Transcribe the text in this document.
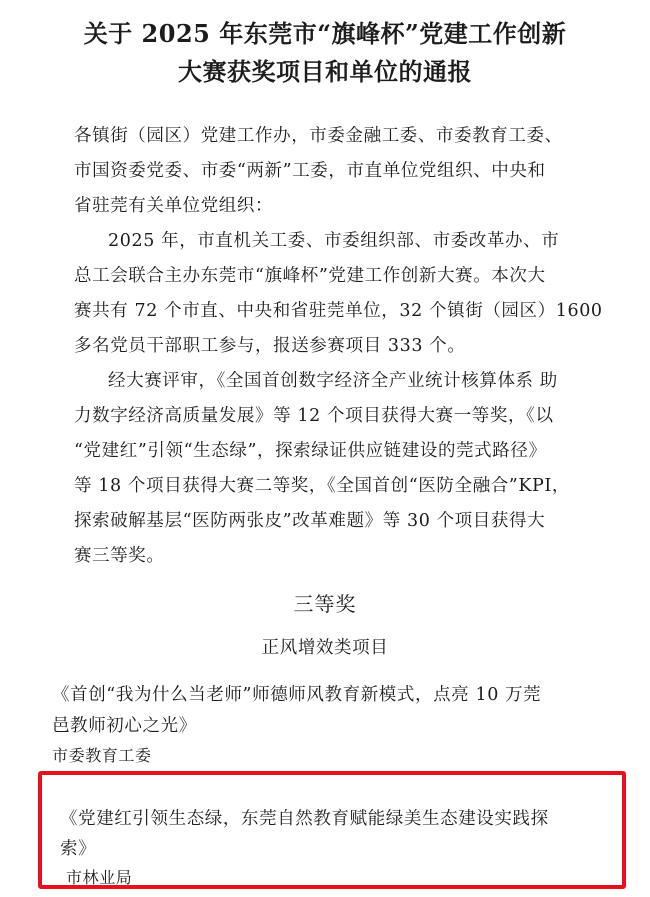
关于 2025 年东莞市“旗峰杯”党建工作创新
大赛获奖项目和单位的通报
各镇街（园区）党建工作办，市委金融工委、市委教育工委、
市国资委党委、市委“两新”工委，市直单位党组织、中央和
省驻莞有关单位党组织：
2025 年，市直机关工委、市委组织部、市委改革办、市
总工会联合主办东莞市“旗峰杯”党建工作创新大赛。本次大
赛共有 72 个市直、中央和省驻莞单位，32 个镇街（园区）1600
多名党员干部职工参与，报送参赛项目 333 个。
经大赛评审，《全国首创数字经济全产业统计核算体系 助
力数字经济高质量发展》等 12 个项目获得大赛一等奖，《以
“党建红”引领“生态绿”，探索绿证供应链建设的莞式路径》
等 18 个项目获得大赛二等奖，《全国首创“医防全融合”KPI，
探索破解基层“医防两张皮”改革难题》等 30 个项目获得大
赛三等奖。
三等奖
正风增效类项目
《首创“我为什么当老师”师德师风教育新模式，点亮 10 万莞
邑教师初心之光》
市委教育工委
《党建红引领生态绿，东莞自然教育赋能绿美生态建设实践探
索》
市林业局
